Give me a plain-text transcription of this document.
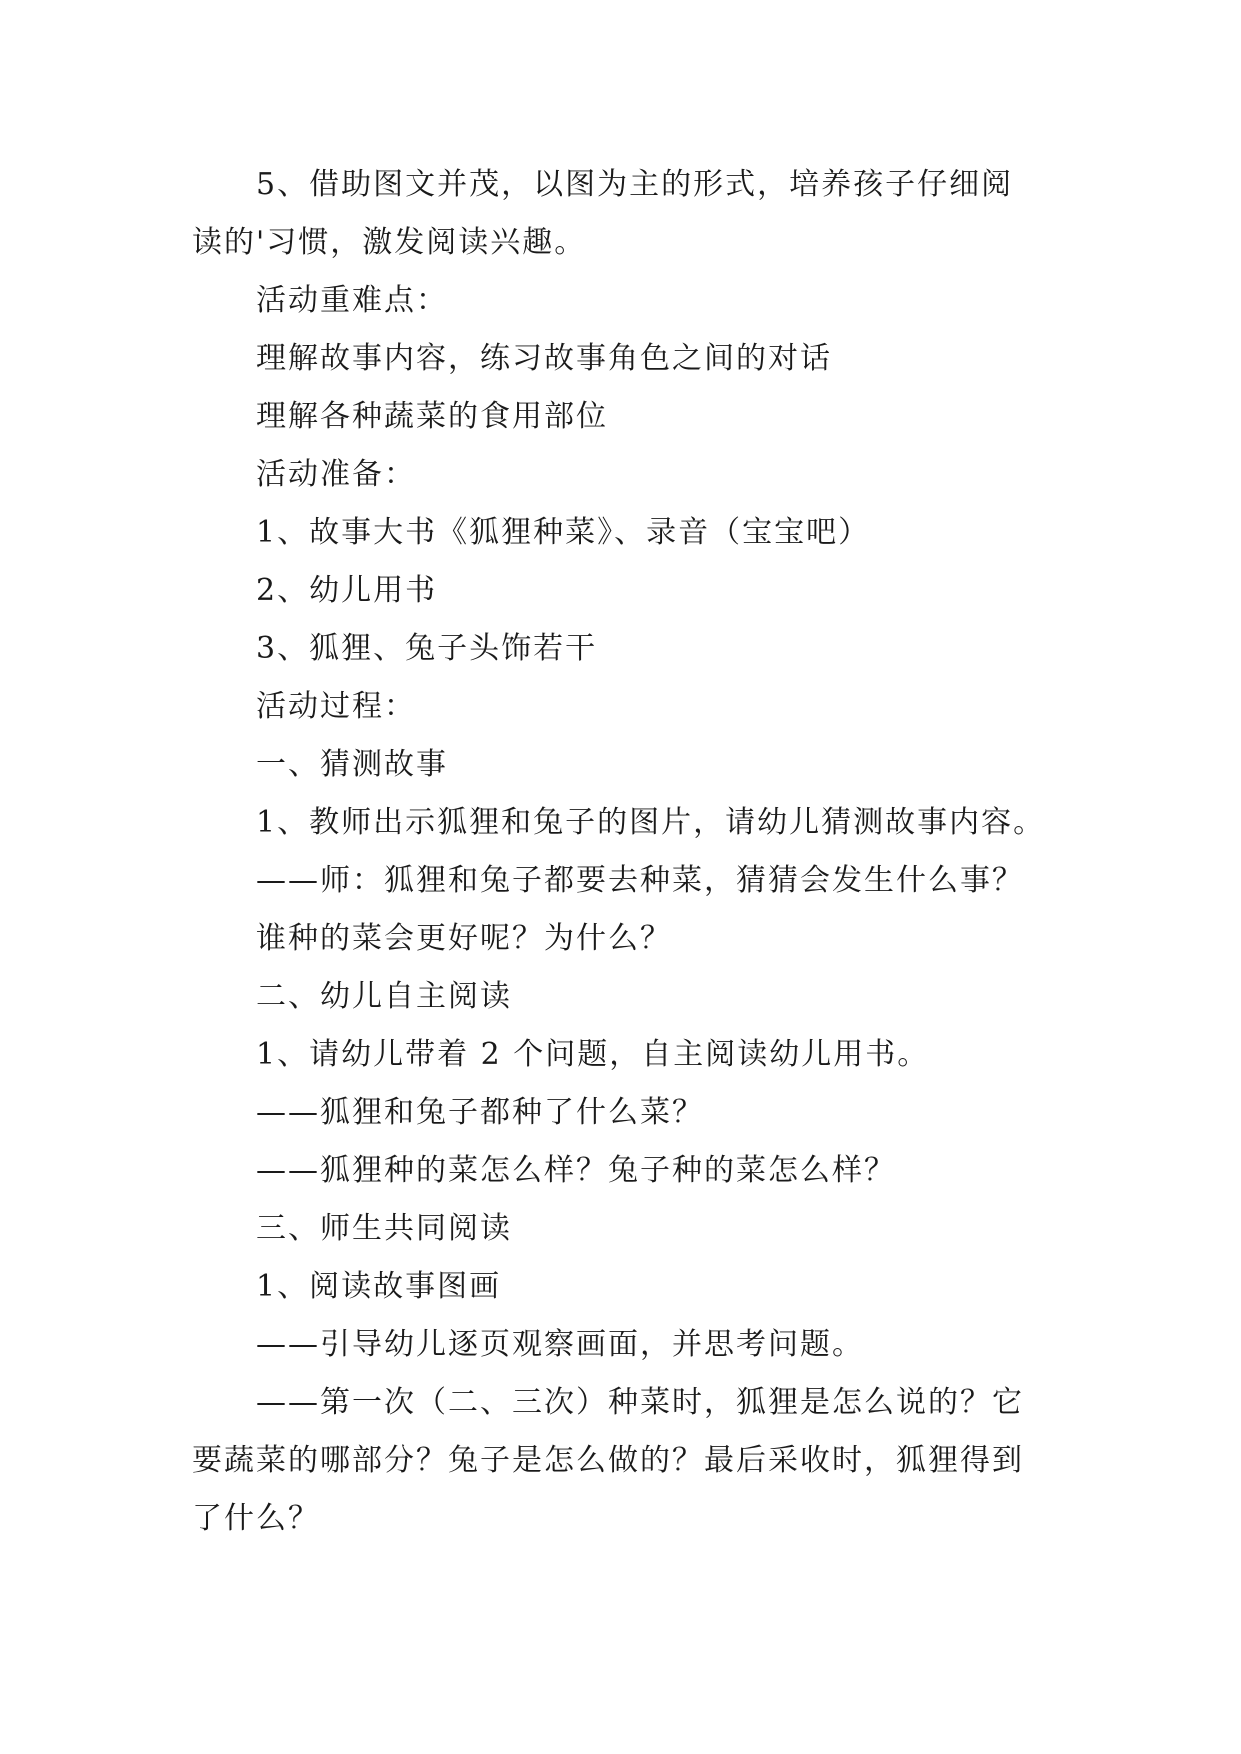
5、借助图文并茂，以图为主的形式，培养孩子仔细阅
读的'习惯，激发阅读兴趣。
活动重难点：
理解故事内容，练习故事角色之间的对话
理解各种蔬菜的食用部位
活动准备：
1、故事大书《狐狸种菜》、录音（宝宝吧）
2、幼儿用书
3、狐狸、兔子头饰若干
活动过程：
一、猜测故事
1、教师出示狐狸和兔子的图片，请幼儿猜测故事内容。
——师：狐狸和兔子都要去种菜，猜猜会发生什么事？
谁种的菜会更好呢？为什么？
二、幼儿自主阅读
1、请幼儿带着 2 个问题，自主阅读幼儿用书。
——狐狸和兔子都种了什么菜？
——狐狸种的菜怎么样？兔子种的菜怎么样？
三、师生共同阅读
1、阅读故事图画
——引导幼儿逐页观察画面，并思考问题。
——第一次（二、三次）种菜时，狐狸是怎么说的？它
要蔬菜的哪部分？兔子是怎么做的？最后采收时，狐狸得到
了什么？
